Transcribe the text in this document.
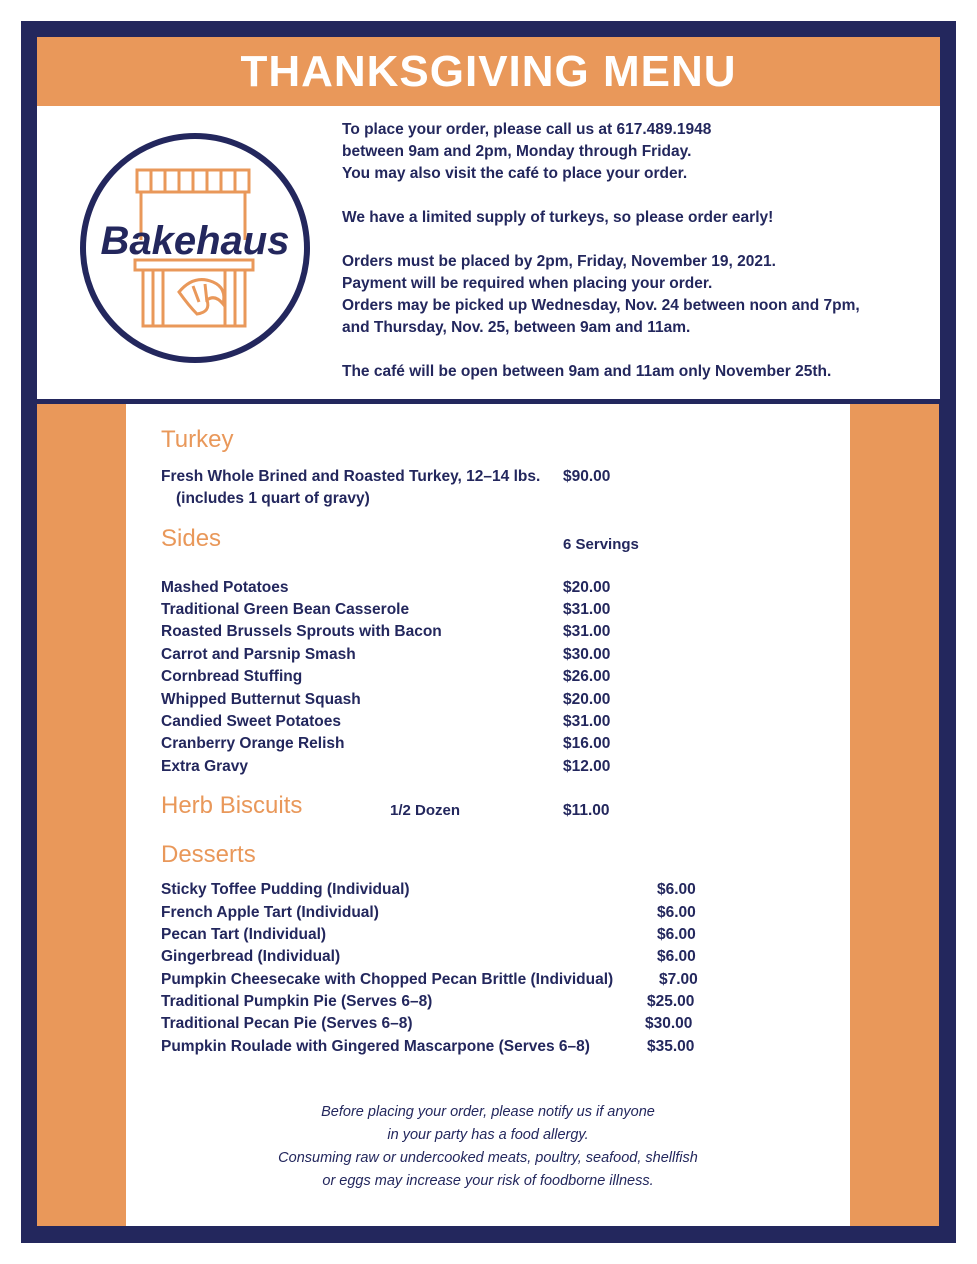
THANKSGIVING MENU
Bakehaus

To place your order, please call us at 617.489.1948
between 9am and 2pm, Monday through Friday.
You may also visit the café to place your order.

We have a limited supply of turkeys, so please order early!

Orders must be placed by 2pm, Friday, November 19, 2021.
Payment will be required when placing your order.
Orders may be picked up Wednesday, Nov. 24 between noon and 7pm,
and Thursday, Nov. 25, between 9am and 11am.

The café will be open between 9am and 11am only November 25th.

Turkey
Fresh Whole Brined and Roasted Turkey, 12–14 lbs.
(includes 1 quart of gravy)
$90.00
Sides	6 Servings
Mashed Potatoes	$20.00
Traditional Green Bean Casserole	$31.00
Roasted Brussels Sprouts with Bacon	$31.00
Carrot and Parsnip Smash	$30.00
Cornbread Stuffing	$26.00
Whipped Butternut Squash	$20.00
Candied Sweet Potatoes	$31.00
Cranberry Orange Relish	$16.00
Extra Gravy	$12.00
Herb Biscuits	1/2 Dozen	$11.00
Desserts
Sticky Toffee Pudding (Individual)	$6.00
French Apple Tart (Individual)	$6.00
Pecan Tart (Individual)	$6.00
Gingerbread (Individual)	$6.00
Pumpkin Cheesecake with Chopped Pecan Brittle (Individual)	$7.00
Traditional Pumpkin Pie (Serves 6–8)	$25.00
Traditional Pecan Pie (Serves 6–8)	$30.00
Pumpkin Roulade with Gingered Mascarpone (Serves 6–8)	$35.00
Before placing your order, please notify us if anyone
in your party has a food allergy.
Consuming raw or undercooked meats, poultry, seafood, shellfish
or eggs may increase your risk of foodborne illness.
